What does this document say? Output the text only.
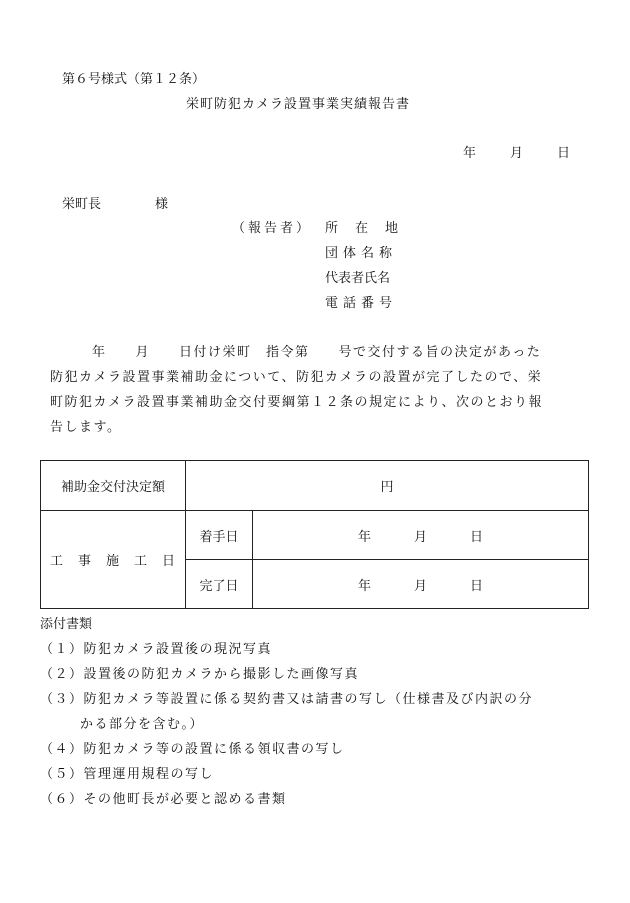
第６号様式（第１２条）
栄町防犯カメラ設置事業実績報告書
年	月	日
栄町長	様
（報告者） 所　在　地
団体名称
代表者氏名
電話番号
年　　月　　日付け栄町　指令第　　号で交付する旨の決定があった
防犯カメラ設置事業補助金について、防犯カメラの設置が完了したので、栄
町防犯カメラ設置事業補助金交付要綱第１２条の規定により、次のとおり報
告します。
補助金交付決定額	円	
工　事　施　工　日	着手日	年 月 日
	完了日	年 月 日
添付書類
（１）防犯カメラ設置後の現況写真
（２）設置後の防犯カメラから撮影した画像写真
（３）防犯カメラ等設置に係る契約書又は請書の写し（仕様書及び内訳の分
かる部分を含む。）
（４）防犯カメラ等の設置に係る領収書の写し
（５）管理運用規程の写し
（６）その他町長が必要と認める書類
